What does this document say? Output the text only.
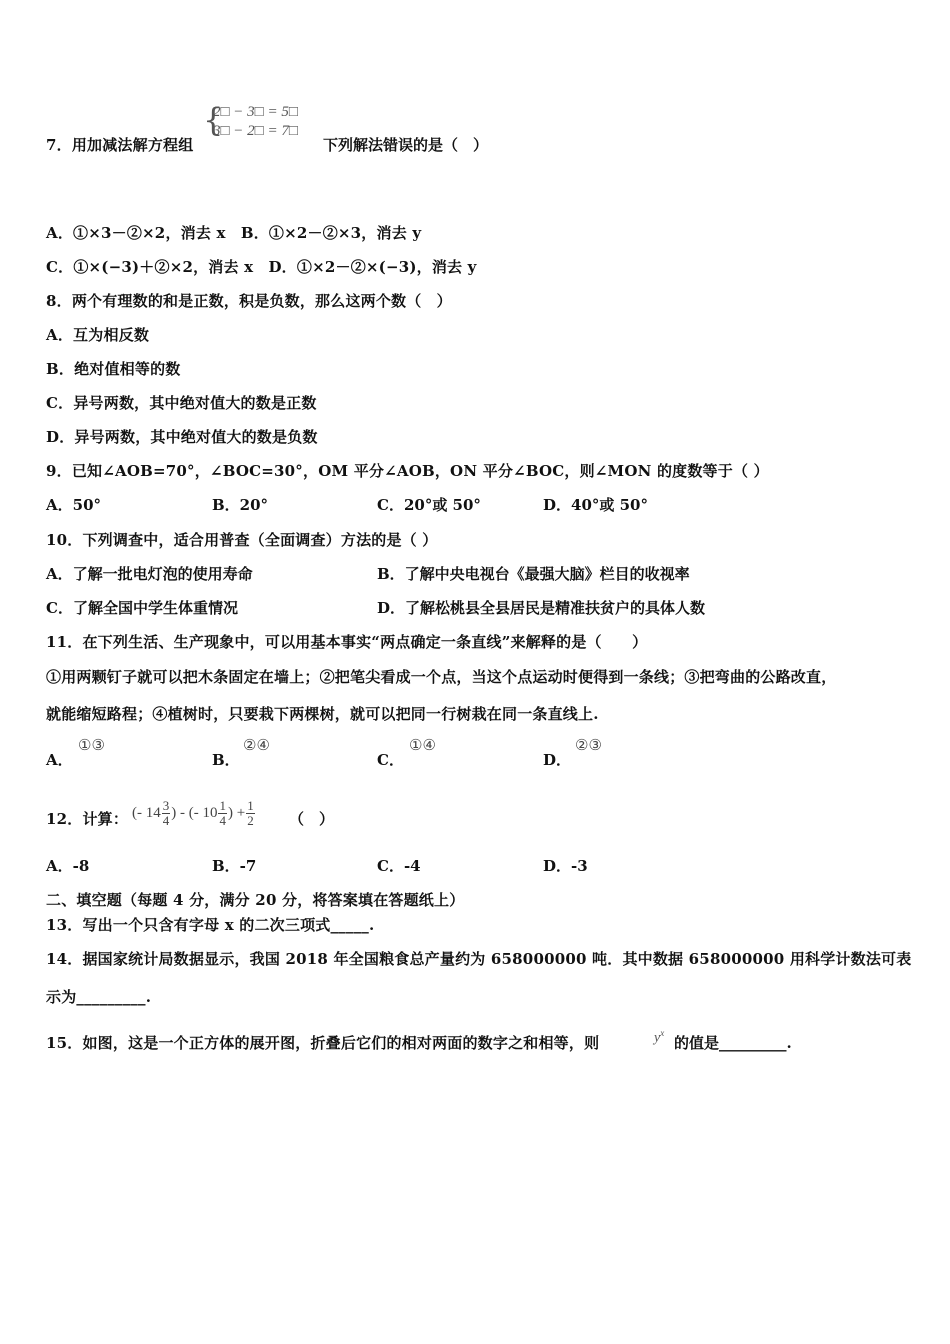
7．用加减法解方程组
{
2□ − 3□ = 5□
3□ − 2□ = 7□
下列解法错误的是（　）
A．①×3－②×2，消去 x　B．①×2－②×3，消去 y
C．①×(−3)＋②×2，消去 x　D．①×2－②×(−3)，消去 y
8．两个有理数的和是正数，积是负数，那么这两个数（　）
A．互为相反数
B．绝对值相等的数
C．异号两数，其中绝对值大的数是正数
D．异号两数，其中绝对值大的数是负数
9．已知∠AOB=70°，∠BOC=30°，OM 平分∠AOB，ON 平分∠BOC，则∠MON 的度数等于（ ）
A．50°	B．20°	C．20°或 50°	D．40°或 50°
10．下列调查中，适合用普查（全面调查）方法的是（ ）
A．了解一批电灯泡的使用寿命	B．了解中央电视台《最强大脑》栏目的收视率
C．了解全国中学生体重情况	D．了解松桃县全县居民是精准扶贫户的具体人数
11．在下列生活、生产现象中，可以用基本事实“两点确定一条直线”来解释的是（　　）
①用两颗钉子就可以把木条固定在墙上；②把笔尖看成一个点，当这个点运动时便得到一条线；③把弯曲的公路改直，
就能缩短路程；④植树时，只要栽下两棵树，就可以把同一行树栽在同一条直线上.
A．
①③
B．
②④
C．
①④
D．
②③
12．计算： (- $14 \frac{3}{4}$ ) - (- $10 \frac{1}{4}$ ) + $\frac{1}{2}$ （　）
A．-8	B．-7	C．-4	D．-3
二、填空题（每题 4 分，满分 20 分，将答案填在答题纸上）
13．写出一个只含有字母 x 的二次三项式_____.
14．据国家统计局数据显示，我国 2018 年全国粮食总产量约为 658000000 吨．其中数据 658000000 用科学计数法可表
示为_________.
15．如图，这是一个正方体的展开图，折叠后它们的相对两面的数字之和相等，则	$y^x$
的值是_________.
